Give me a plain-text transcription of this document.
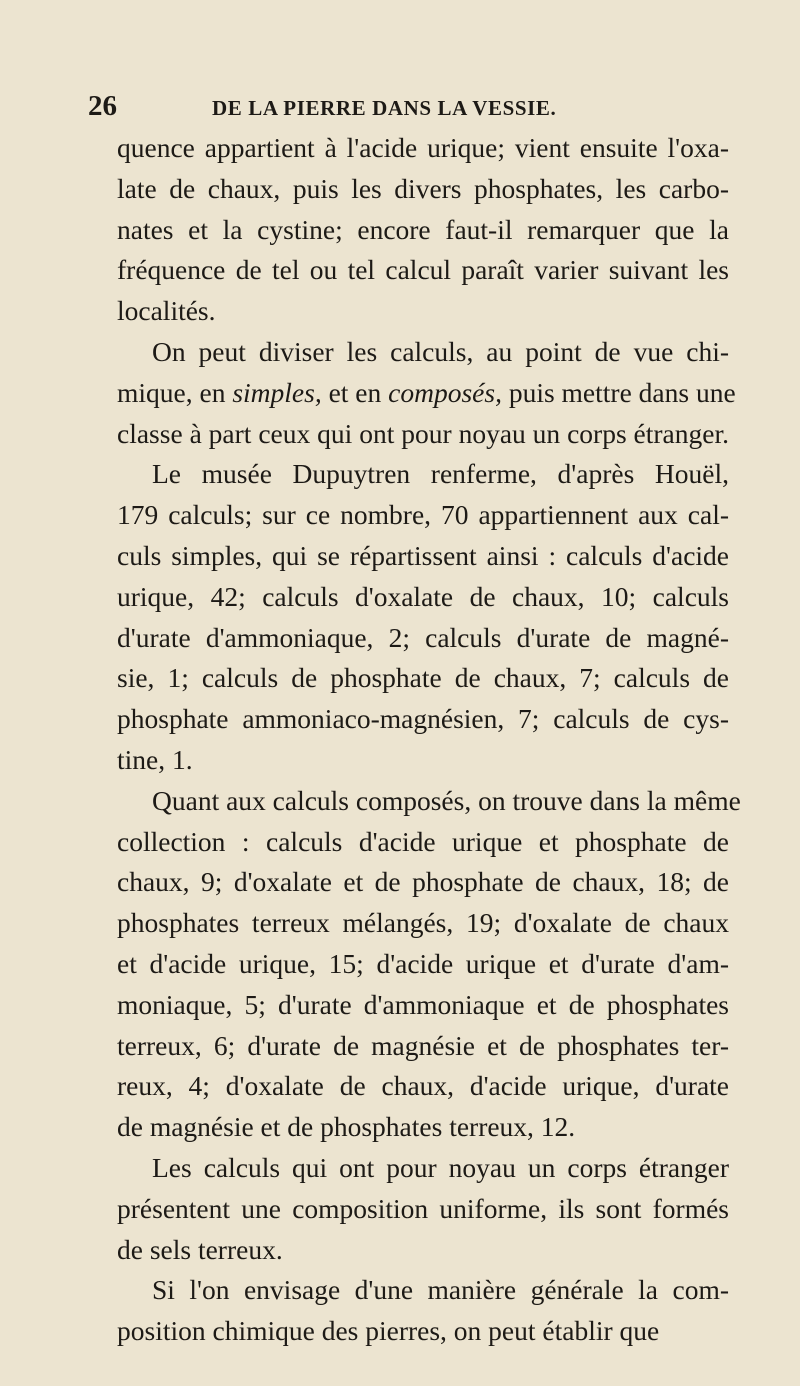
26	DE LA PIERRE DANS LA VESSIE.
quence appartient à l'acide urique; vient ensuite l'oxa-
late de chaux, puis les divers phosphates, les carbo-
nates et la cystine; encore faut-il remarquer que la
fréquence de tel ou tel calcul paraît varier suivant les
localités.
On peut diviser les calculs, au point de vue chi-
mique, en simples, et en composés, puis mettre dans une
classe à part ceux qui ont pour noyau un corps étranger.
Le musée Dupuytren renferme, d'après Houël,
179 calculs; sur ce nombre, 70 appartiennent aux cal-
culs simples, qui se répartissent ainsi : calculs d'acide
urique, 42; calculs d'oxalate de chaux, 10; calculs
d'urate d'ammoniaque, 2; calculs d'urate de magné-
sie, 1; calculs de phosphate de chaux, 7; calculs de
phosphate ammoniaco-magnésien, 7; calculs de cys-
tine, 1.
Quant aux calculs composés, on trouve dans la même
collection : calculs d'acide urique et phosphate de
chaux, 9; d'oxalate et de phosphate de chaux, 18; de
phosphates terreux mélangés, 19; d'oxalate de chaux
et d'acide urique, 15; d'acide urique et d'urate d'am-
moniaque, 5; d'urate d'ammoniaque et de phosphates
terreux, 6; d'urate de magnésie et de phosphates ter-
reux, 4; d'oxalate de chaux, d'acide urique, d'urate
de magnésie et de phosphates terreux, 12.
Les calculs qui ont pour noyau un corps étranger
présentent une composition uniforme, ils sont formés
de sels terreux.
Si l'on envisage d'une manière générale la com-
position chimique des pierres, on peut établir que
